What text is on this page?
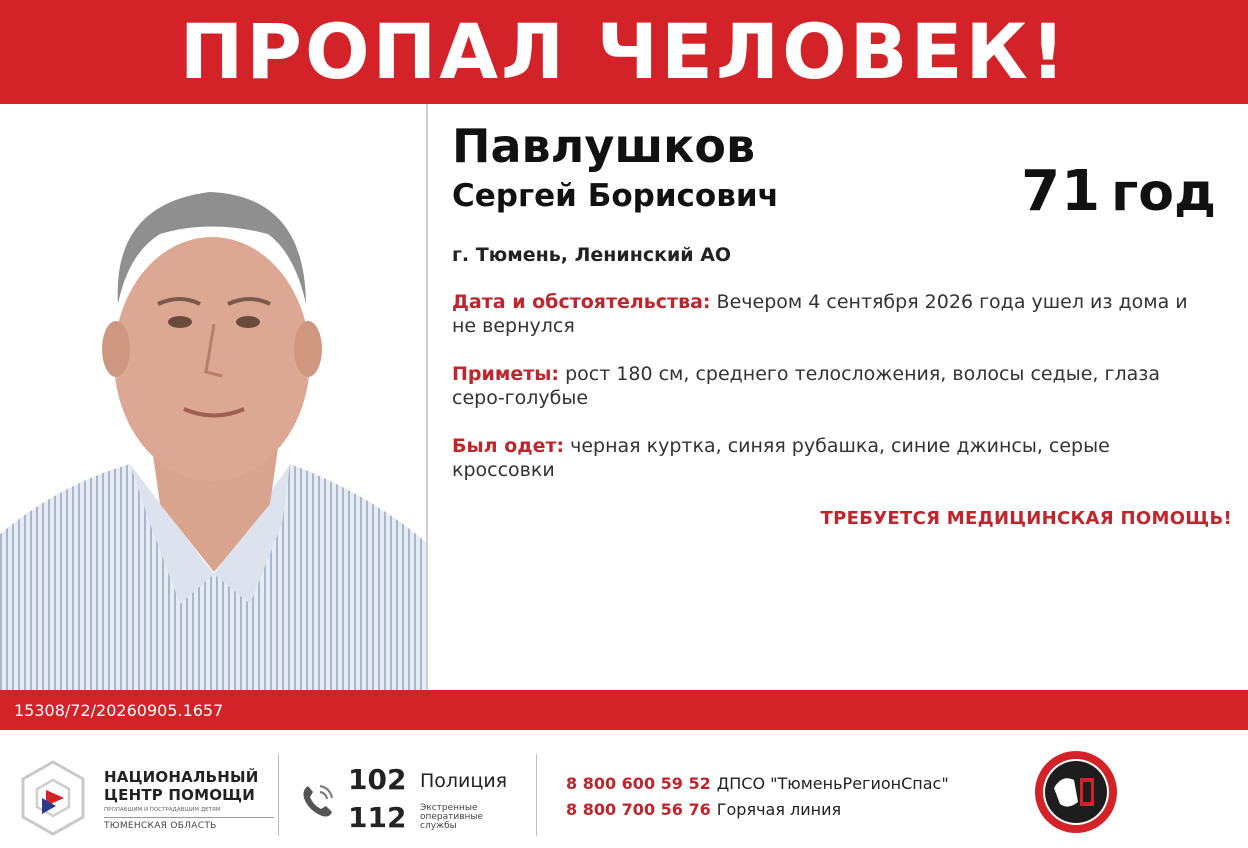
ПРОПАЛ ЧЕЛОВЕК!
Павлушков
Сергей Борисович	71 год
г. Тюмень, Ленинский АО
Дата и обстоятельства: Вечером 4 сентября 2026 года ушел из дома и не вернулся
Приметы: рост 180 см, среднего телосложения, волосы седые, глаза серо-голубые
Был одет: черная куртка, синяя рубашка, синие джинсы, серые кроссовки
ТРЕБУЕТСЯ МЕДИЦИНСКАЯ ПОМОЩЬ!
15308/72/20260905.1657
НАЦИОНАЛЬНЫЙ
ЦЕНТР ПОМОЩИ
ПРОПАВШИМ И ПОСТРАДАВШИМ ДЕТЯМ
ТЮМЕНСКАЯ ОБЛАСТЬ
102 Полиция
112 Экстренные оперативные службы
8 800 600 59 52 ДПСО "ТюменьРегионСпас"
8 800 700 56 76 Горячая линия
